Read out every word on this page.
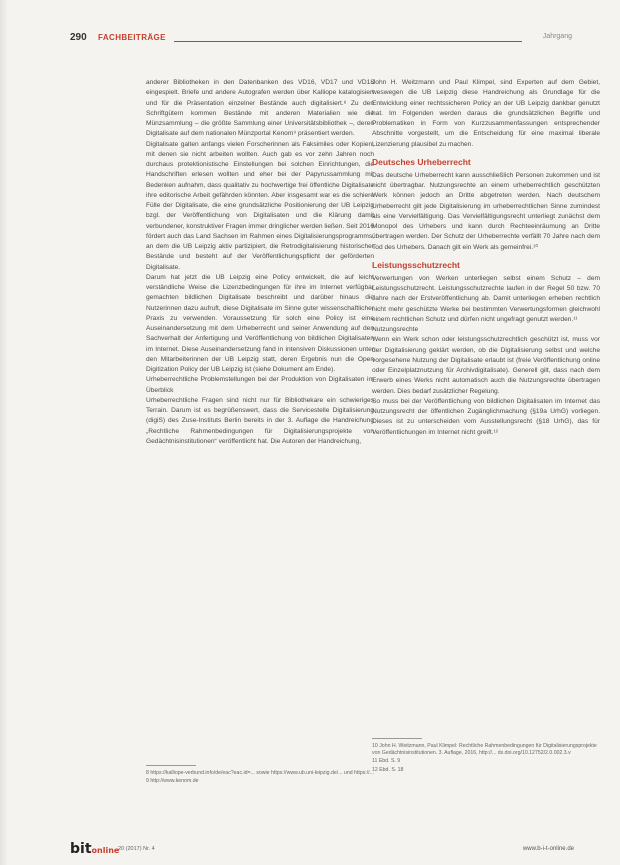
290 FACHBEITRÄGE	Jahrgang

anderer Bibliotheken in den Datenbanken des VD16, VD17 und VD18 eingespielt. Briefe und andere Autografen werden über Kalliope katalogisiert und für die Präsentation einzelner Bestände auch digitalisiert.⁸ Zu den Schriftgütern kommen Bestände mit anderen Materialien wie die Münzsammlung – die größte Sammlung einer Universitätsbibliothek –, deren Digitalisate auf dem nationalen Münzportal Kenom⁹ präsentiert werden.

Digitalisate galten anfangs vielen Forscherinnen als Faksimiles oder Kopien, mit denen sie nicht arbeiten wollten. Auch gab es vor zehn Jahren noch durchaus protektionistische Einstellungen bei solchen Einrichtungen, die Handschriften erlesen wollten und eher bei der Papyrussammlung mit Bedenken aufnahm, dass qualitativ zu hochwertige frei öffentliche Digitalisate ihre editorische Arbeit gefährden könnten. Aber insgesamt war es die schiere Fülle der Digitalisate, die eine grundsätzliche Positionierung der UB Leipzig bzgl. der Veröffentlichung von Digitalisaten und die Klärung damit verbundener, konstruktiver Fragen immer dringlicher werden ließen. Seit 2016 fördert auch das Land Sachsen im Rahmen eines Digitalisierungsprogramms, an dem die UB Leipzig aktiv partizipiert, die Retrodigitalisierung historischer Bestände und besteht auf der Veröffentlichungspflicht der geförderten Digitalisate.

Darum hat jetzt die UB Leipzig eine Policy entwickelt, die auf leicht verständliche Weise die Lizenzbedingungen für ihre im Internet verfügbar gemachten bildlichen Digitalisate beschreibt und darüber hinaus die Nutzerinnen dazu aufruft, diese Digitalisate im Sinne guter wissenschaftlicher Praxis zu verwenden. Voraussetzung für solch eine Policy ist eine Auseinandersetzung mit dem Urheberrecht und seiner Anwendung auf den Sachverhalt der Anfertigung und Veröffentlichung von bildlichen Digitalisaten im Internet. Diese Auseinandersetzung fand in intensiven Diskussionen unter den Mitarbeiterinnen der UB Leipzig statt, deren Ergebnis nun die Open Digitization Policy der UB Leipzig ist (siehe Dokument am Ende).

Urheberrechtliche Problemstellungen bei der Produktion von Digitalisaten im Überblick

Urheberrechtliche Fragen sind nicht nur für Bibliothekare ein schwieriges Terrain. Darum ist es begrüßenswert, dass die Servicestelle Digitalisierung (digiS) des Zuse-Instituts Berlin bereits in der 3. Auflage die Handreichung „Rechtliche Rahmenbedingungen für Digitalisierungsprojekte von Gedächtnisinstitutionen“ veröffentlicht hat. Die Autoren der Handreichung,

John H. Weitzmann und Paul Klimpel, sind Experten auf dem Gebiet, weswegen die UB Leipzig diese Handreichung als Grundlage für die Entwicklung einer rechtssicheren Policy an der UB Leipzig dankbar genutzt hat. Im Folgenden werden daraus die grundsätzlichen Begriffe und Problematiken in Form von Kurzzusammenfassungen entsprechender Abschnitte vorgestellt, um die Entscheidung für eine maximal liberale Lizenzierung plausibel zu machen.

Deutsches Urheberrecht

Das deutsche Urheberrecht kann ausschließlich Personen zukommen und ist nicht übertragbar. Nutzungsrechte an einem urheberrechtlich geschützten Werk können jedoch an Dritte abgetreten werden. Nach deutschem Urheberrecht gilt jede Digitalisierung im urheberrechtlichen Sinne zumindest als eine Vervielfältigung. Das Vervielfältigungsrecht unterliegt zunächst dem Monopol des Urhebers und kann durch Rechteeinräumung an Dritte übertragen werden. Der Schutz der Urheberrechte verfällt 70 Jahre nach dem Tod des Urhebers. Danach gilt ein Werk als gemeinfrei.¹⁰

Leistungsschutzrecht

Verwertungen von Werken unterliegen selbst einem Schutz – dem Leistungsschutzrecht. Leistungsschutzrechte laufen in der Regel 50 bzw. 70 Jahre nach der Erstveröffentlichung ab. Damit unterliegen erheben rechtlich nicht mehr geschützte Werke bei bestimmten Verwertungsformen gleichwohl einem rechtlichen Schutz und dürfen nicht ungefragt genutzt werden.¹¹

Nutzungsrechte

Wenn ein Werk schon oder leistungsschutzrechtlich geschützt ist, muss vor der Digitalisierung geklärt werden, ob die Digitalisierung selbst und welche vorgesehene Nutzung der Digitalisate erlaubt ist (freie Veröffentlichung online oder Einzelplatznutzung für Archivdigitalisate). Generell gilt, dass nach dem Erwerb eines Werks nicht automatisch auch die Nutzungsrechte übertragen werden. Dies bedarf zusätzlicher Regelung.

So muss bei der Veröffentlichung von bildlichen Digitalisaten im Internet das Nutzungsrecht der öffentlichen Zugänglichmachung (§19a UrhG) vorliegen. Dieses ist zu unterscheiden vom Ausstellungsrecht (§18 UrhG), das für Veröffentlichungen im Internet nicht greift.¹²

8 https://kalliope-verbund.info/de/eac?eac.id=... sowie https://www.ub.uni-leipzig.de/... und https://...

9 http://www.kenom.de

10 John H. Weitzmann, Paul Klimpel: Rechtliche Rahmenbedingungen für Digitalisierungsprojekte von Gedächtnisinstitutionen. 3. Auflage, 2016, http://... dx.doi.org/10.12752/2.0.002.3.v

11 Ebd. S. 9

12 Ebd. S. 18

bitonline
20 (2017) Nr. 4	www.b-i-t-online.de
